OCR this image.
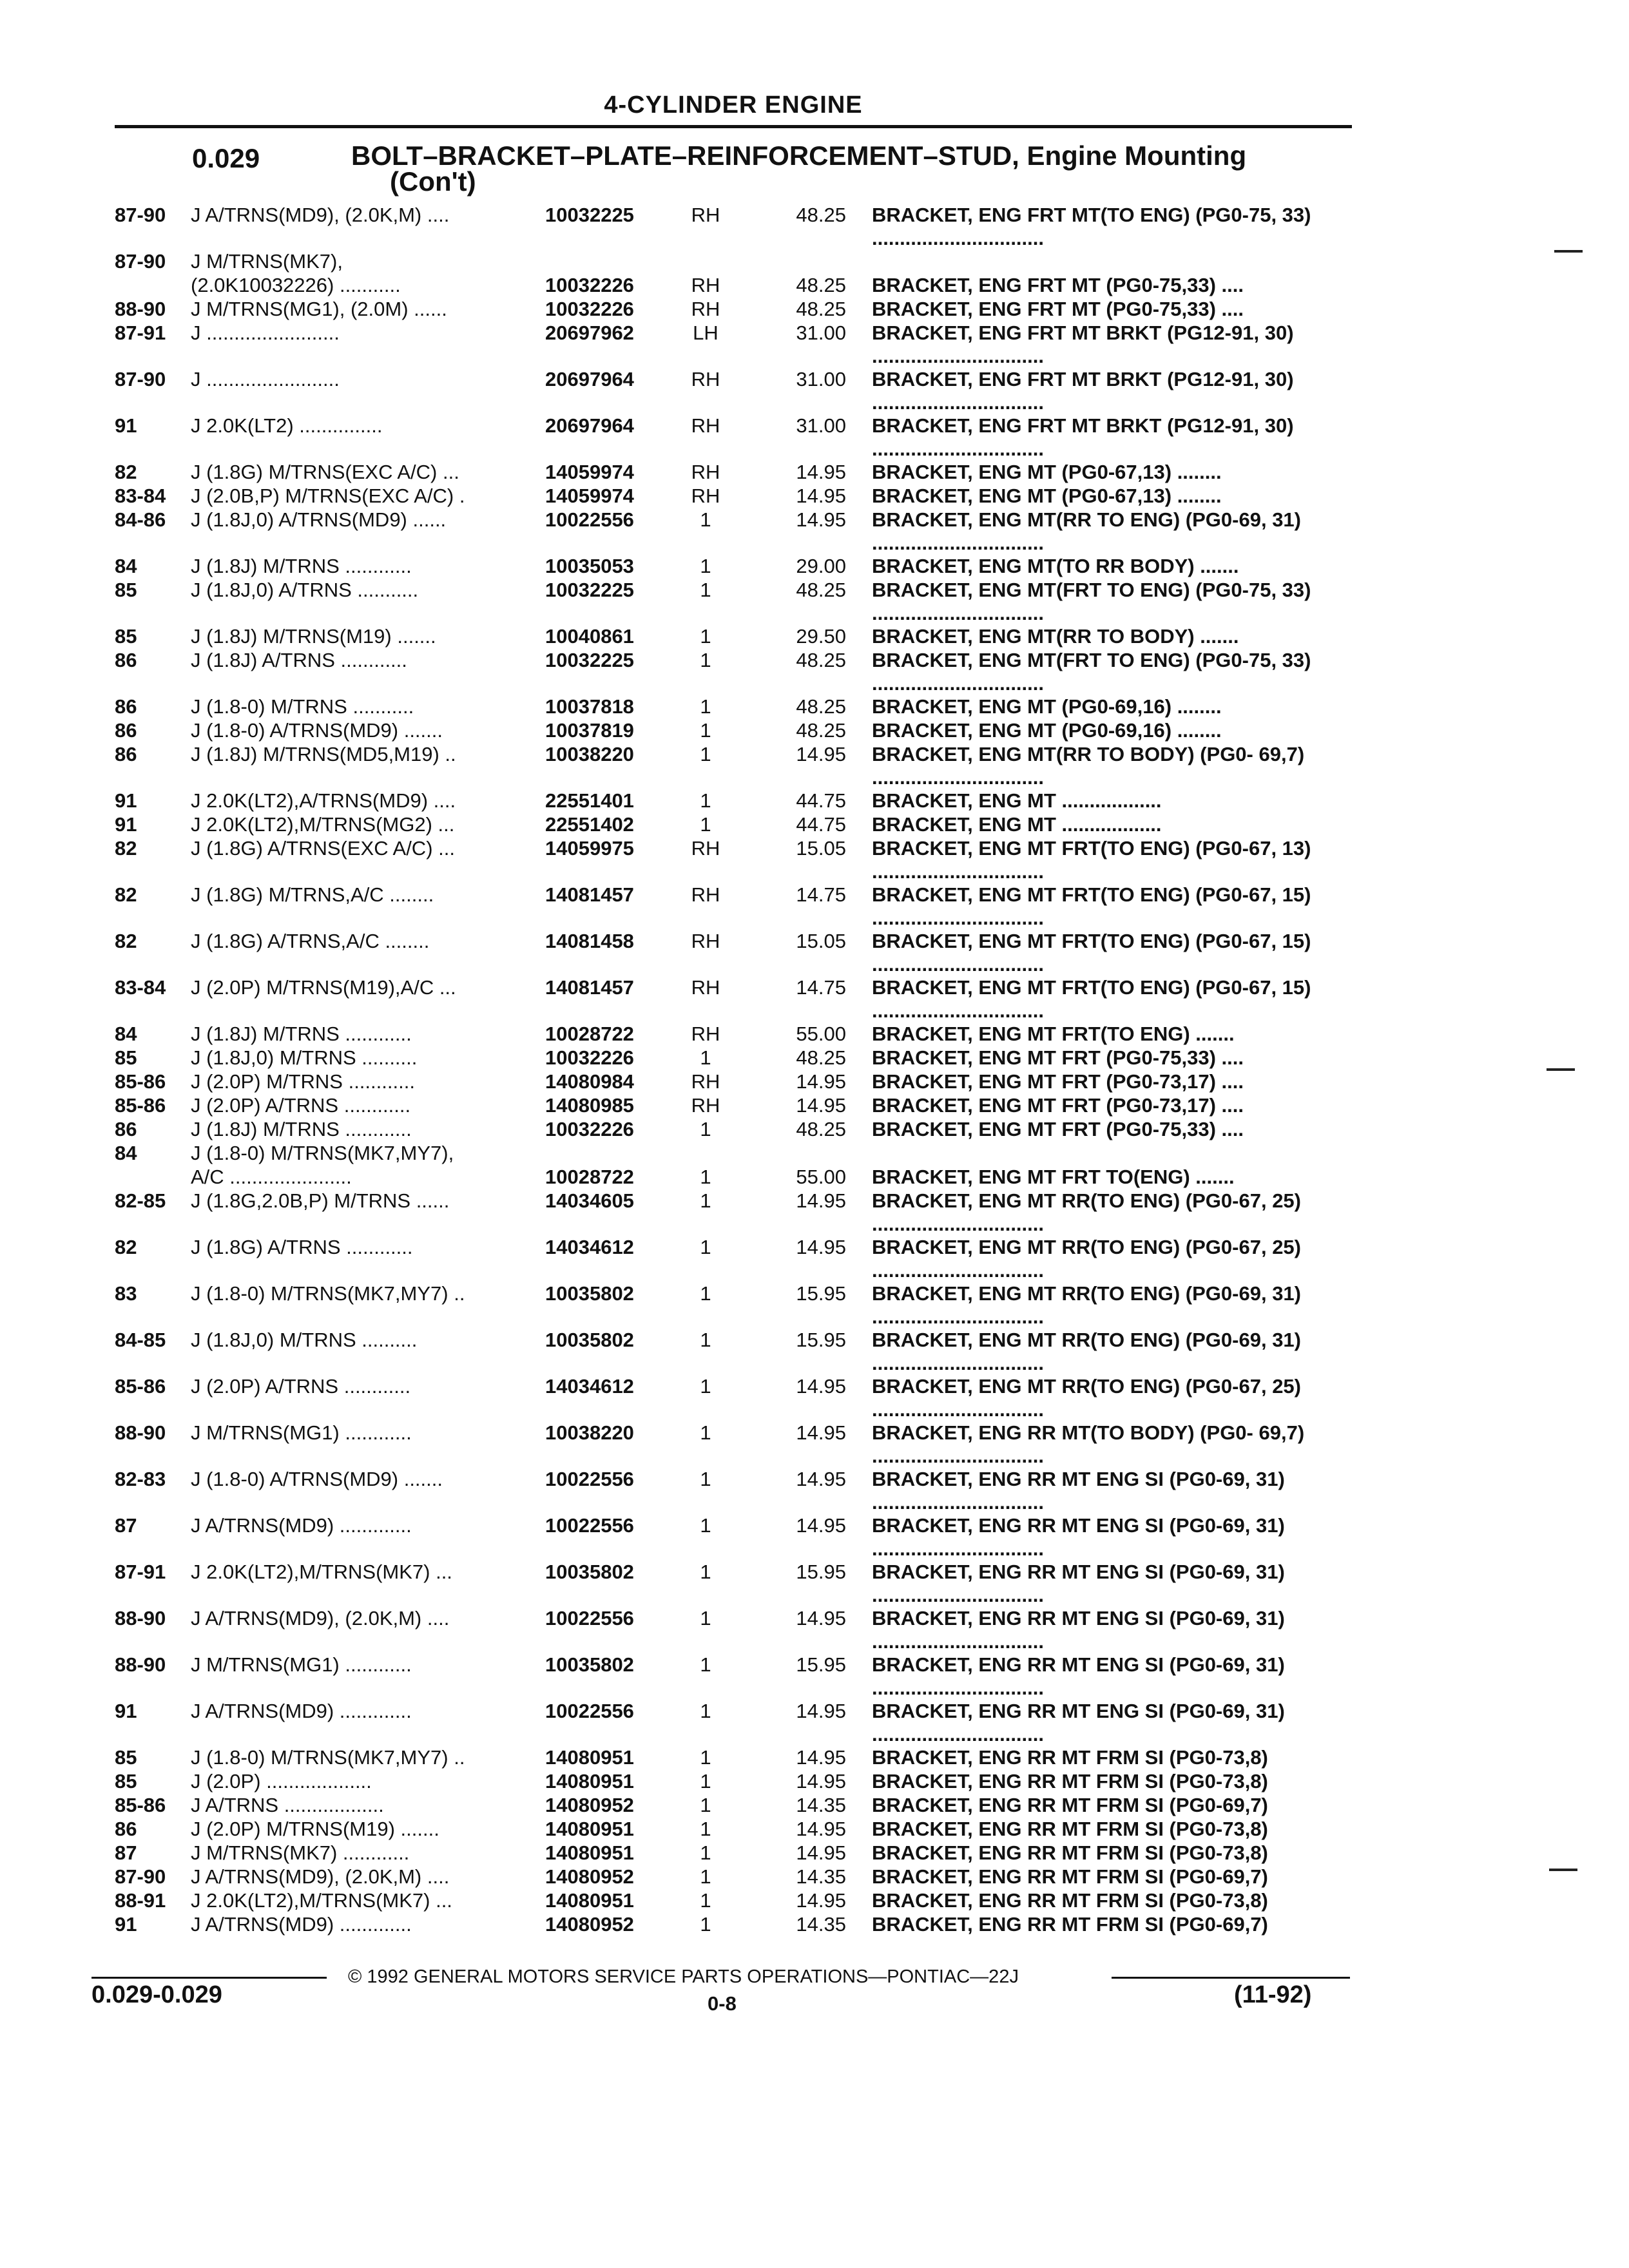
4-CYLINDER ENGINE
0.029	BOLT–BRACKET–PLATE–REINFORCEMENT–STUD, Engine Mounting
(Con't)
87-90	J A/TRNS(MD9), (2.0K,M) ....	10032225	RH	48.25 BRACKET, ENG FRT MT(TO ENG) (PG0-75, 33) ...............................
87-90	J M/TRNS(MK7),
(2.0K10032226) ...........	10032226	RH	48.25 BRACKET, ENG FRT MT (PG0-75,33) ....
88-90	J M/TRNS(MG1), (2.0M) ......	10032226	RH	48.25 BRACKET, ENG FRT MT (PG0-75,33) ....
87-91	J ........................	20697962	LH	31.00 BRACKET, ENG FRT MT BRKT (PG12-91, 30) ...............................
87-90	J ........................	20697964	RH	31.00 BRACKET, ENG FRT MT BRKT (PG12-91, 30) ...............................
91	J 2.0K(LT2) ...............	20697964	RH	31.00 BRACKET, ENG FRT MT BRKT (PG12-91, 30) ...............................
82	J (1.8G) M/TRNS(EXC A/C) ...	14059974	RH	14.95 BRACKET, ENG MT (PG0-67,13) ........
83-84	J (2.0B,P) M/TRNS(EXC A/C) .	14059974	RH	14.95 BRACKET, ENG MT (PG0-67,13) ........
84-86	J (1.8J,0) A/TRNS(MD9) ......	10022556	1	14.95 BRACKET, ENG MT(RR TO ENG) (PG0-69, 31) ...............................
84	J (1.8J) M/TRNS ............	10035053	1	29.00 BRACKET, ENG MT(TO RR BODY) .......
85	J (1.8J,0) A/TRNS ...........	10032225	1	48.25 BRACKET, ENG MT(FRT TO ENG) (PG0-75, 33) ...............................
85	J (1.8J) M/TRNS(M19) .......	10040861	1	29.50 BRACKET, ENG MT(RR TO BODY) .......
86	J (1.8J) A/TRNS ............	10032225	1	48.25 BRACKET, ENG MT(FRT TO ENG) (PG0-75, 33) ...............................
86	J (1.8-0) M/TRNS ...........	10037818	1	48.25 BRACKET, ENG MT (PG0-69,16) ........
86	J (1.8-0) A/TRNS(MD9) .......	10037819	1	48.25 BRACKET, ENG MT (PG0-69,16) ........
86	J (1.8J) M/TRNS(MD5,M19) ..	10038220	1	14.95 BRACKET, ENG MT(RR TO BODY) (PG0- 69,7) ...............................
91	J 2.0K(LT2),A/TRNS(MD9) ....	22551401	1	44.75 BRACKET, ENG MT ..................
91	J 2.0K(LT2),M/TRNS(MG2) ...	22551402	1	44.75 BRACKET, ENG MT ..................
82	J (1.8G) A/TRNS(EXC A/C) ...	14059975	RH	15.05 BRACKET, ENG MT FRT(TO ENG) (PG0-67, 13) ...............................
82	J (1.8G) M/TRNS,A/C ........	14081457	RH	14.75 BRACKET, ENG MT FRT(TO ENG) (PG0-67, 15) ...............................
82	J (1.8G) A/TRNS,A/C ........	14081458	RH	15.05 BRACKET, ENG MT FRT(TO ENG) (PG0-67, 15) ...............................
83-84	J (2.0P) M/TRNS(M19),A/C ...	14081457	RH	14.75 BRACKET, ENG MT FRT(TO ENG) (PG0-67, 15) ...............................
84	J (1.8J) M/TRNS ............	10028722	RH	55.00 BRACKET, ENG MT FRT(TO ENG) .......
85	J (1.8J,0) M/TRNS ..........	10032226	1	48.25 BRACKET, ENG MT FRT (PG0-75,33) ....
85-86	J (2.0P) M/TRNS ............	14080984	RH	14.95 BRACKET, ENG MT FRT (PG0-73,17) ....
85-86	J (2.0P) A/TRNS ............	14080985	RH	14.95 BRACKET, ENG MT FRT (PG0-73,17) ....
86	J (1.8J) M/TRNS ............	10032226	1	48.25 BRACKET, ENG MT FRT (PG0-75,33) ....
84	J (1.8-0) M/TRNS(MK7,MY7),
A/C ......................	10028722	1	55.00 BRACKET, ENG MT FRT TO(ENG) .......
82-85	J (1.8G,2.0B,P) M/TRNS ......	14034605	1	14.95 BRACKET, ENG MT RR(TO ENG) (PG0-67, 25) ...............................
82	J (1.8G) A/TRNS ............	14034612	1	14.95 BRACKET, ENG MT RR(TO ENG) (PG0-67, 25) ...............................
83	J (1.8-0) M/TRNS(MK7,MY7) ..	10035802	1	15.95 BRACKET, ENG MT RR(TO ENG) (PG0-69, 31) ...............................
84-85	J (1.8J,0) M/TRNS ..........	10035802	1	15.95 BRACKET, ENG MT RR(TO ENG) (PG0-69, 31) ...............................
85-86	J (2.0P) A/TRNS ............	14034612	1	14.95 BRACKET, ENG MT RR(TO ENG) (PG0-67, 25) ...............................
88-90	J M/TRNS(MG1) ............	10038220	1	14.95 BRACKET, ENG RR MT(TO BODY) (PG0- 69,7) ...............................
82-83	J (1.8-0) A/TRNS(MD9) .......	10022556	1	14.95 BRACKET, ENG RR MT ENG SI (PG0-69, 31) ...............................
87	J A/TRNS(MD9) .............	10022556	1	14.95 BRACKET, ENG RR MT ENG SI (PG0-69, 31) ...............................
87-91	J 2.0K(LT2),M/TRNS(MK7) ...	10035802	1	15.95 BRACKET, ENG RR MT ENG SI (PG0-69, 31) ...............................
88-90	J A/TRNS(MD9), (2.0K,M) ....	10022556	1	14.95 BRACKET, ENG RR MT ENG SI (PG0-69, 31) ...............................
88-90	J M/TRNS(MG1) ............	10035802	1	15.95 BRACKET, ENG RR MT ENG SI (PG0-69, 31) ...............................
91	J A/TRNS(MD9) .............	10022556	1	14.95 BRACKET, ENG RR MT ENG SI (PG0-69, 31) ...............................
85	J (1.8-0) M/TRNS(MK7,MY7) ..	14080951	1	14.95 BRACKET, ENG RR MT FRM SI (PG0-73,8)
85	J (2.0P) ...................	14080951	1	14.95 BRACKET, ENG RR MT FRM SI (PG0-73,8)
85-86	J A/TRNS ..................	14080952	1	14.35 BRACKET, ENG RR MT FRM SI (PG0-69,7)
86	J (2.0P) M/TRNS(M19) .......	14080951	1	14.95 BRACKET, ENG RR MT FRM SI (PG0-73,8)
87	J M/TRNS(MK7) ............	14080951	1	14.95 BRACKET, ENG RR MT FRM SI (PG0-73,8)
87-90	J A/TRNS(MD9), (2.0K,M) ....	14080952	1	14.35 BRACKET, ENG RR MT FRM SI (PG0-69,7)
88-91	J 2.0K(LT2),M/TRNS(MK7) ...	14080951	1	14.95 BRACKET, ENG RR MT FRM SI (PG0-73,8)
91	J A/TRNS(MD9) .............	14080952	1	14.35 BRACKET, ENG RR MT FRM SI (PG0-69,7)
© 1992 GENERAL MOTORS SERVICE PARTS OPERATIONS—PONTIAC—22J
0.029-0.029	0-8	(11-92)
